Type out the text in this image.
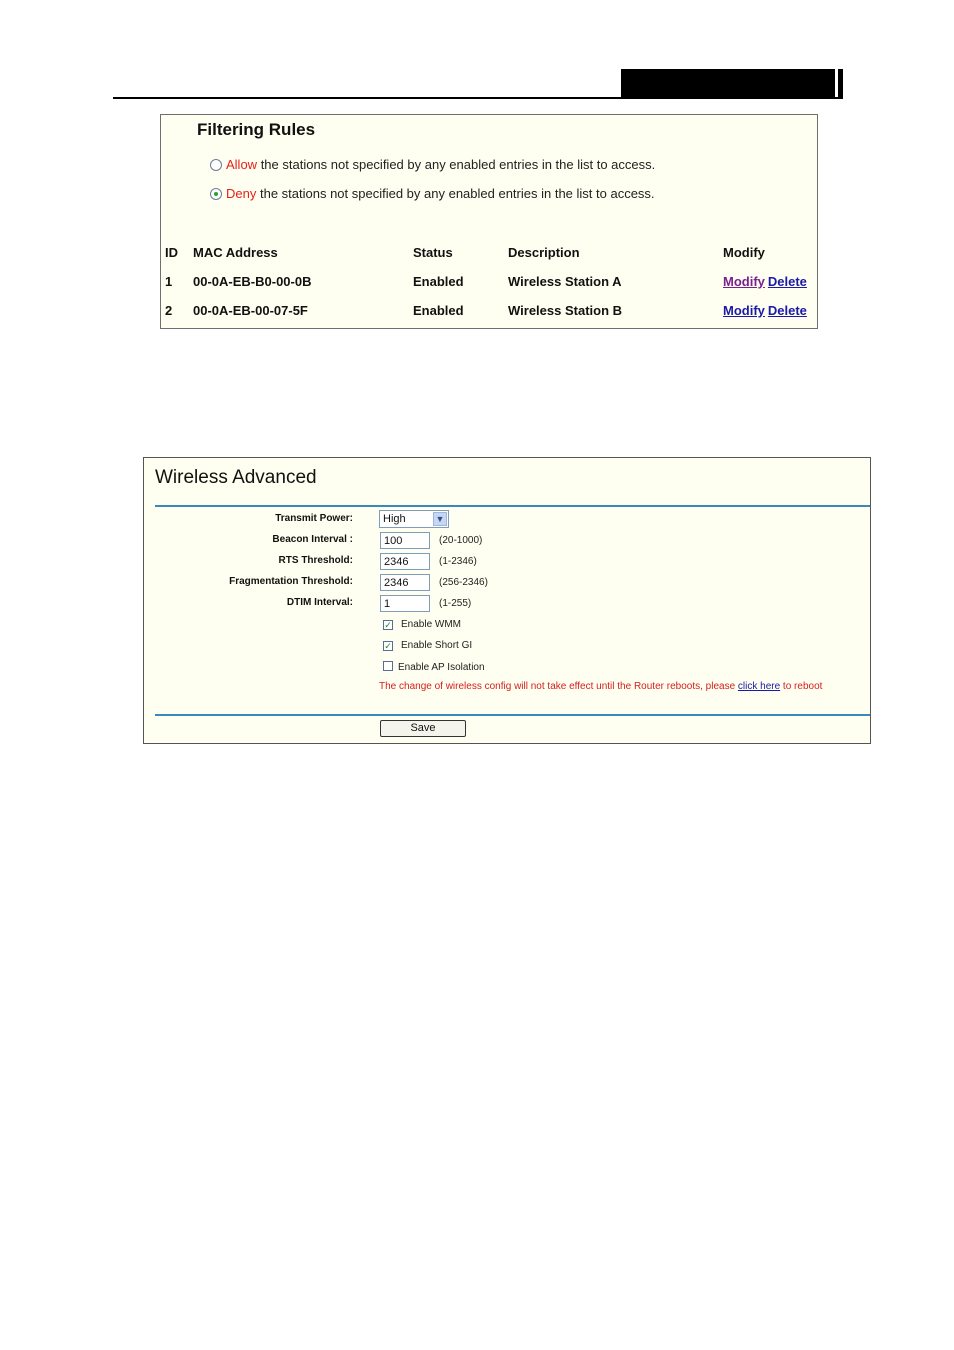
Filtering Rules
Allow the stations not specified by any enabled entries in the list to access.
Deny the stations not specified by any enabled entries in the list to access.
ID MAC Address	Status	Description	Modify
1 00-0A-EB-B0-00-0B	Enabled	Wireless Station A	Modify Delete
2 00-0A-EB-00-07-5F	Enabled	Wireless Station B	Modify Delete
Wireless Advanced
Transmit Power:	High	▼
Beacon Interval :	100	(20-1000)
RTS Threshold:	2346	(1-2346)
Fragmentation Threshold:	2346	(256-2346)
DTIM Interval:	1	(1-255)
✓ Enable WMM
✓ Enable Short GI
Enable AP Isolation
The change of wireless config will not take effect until the Router reboots, please click here to reboot
Save
